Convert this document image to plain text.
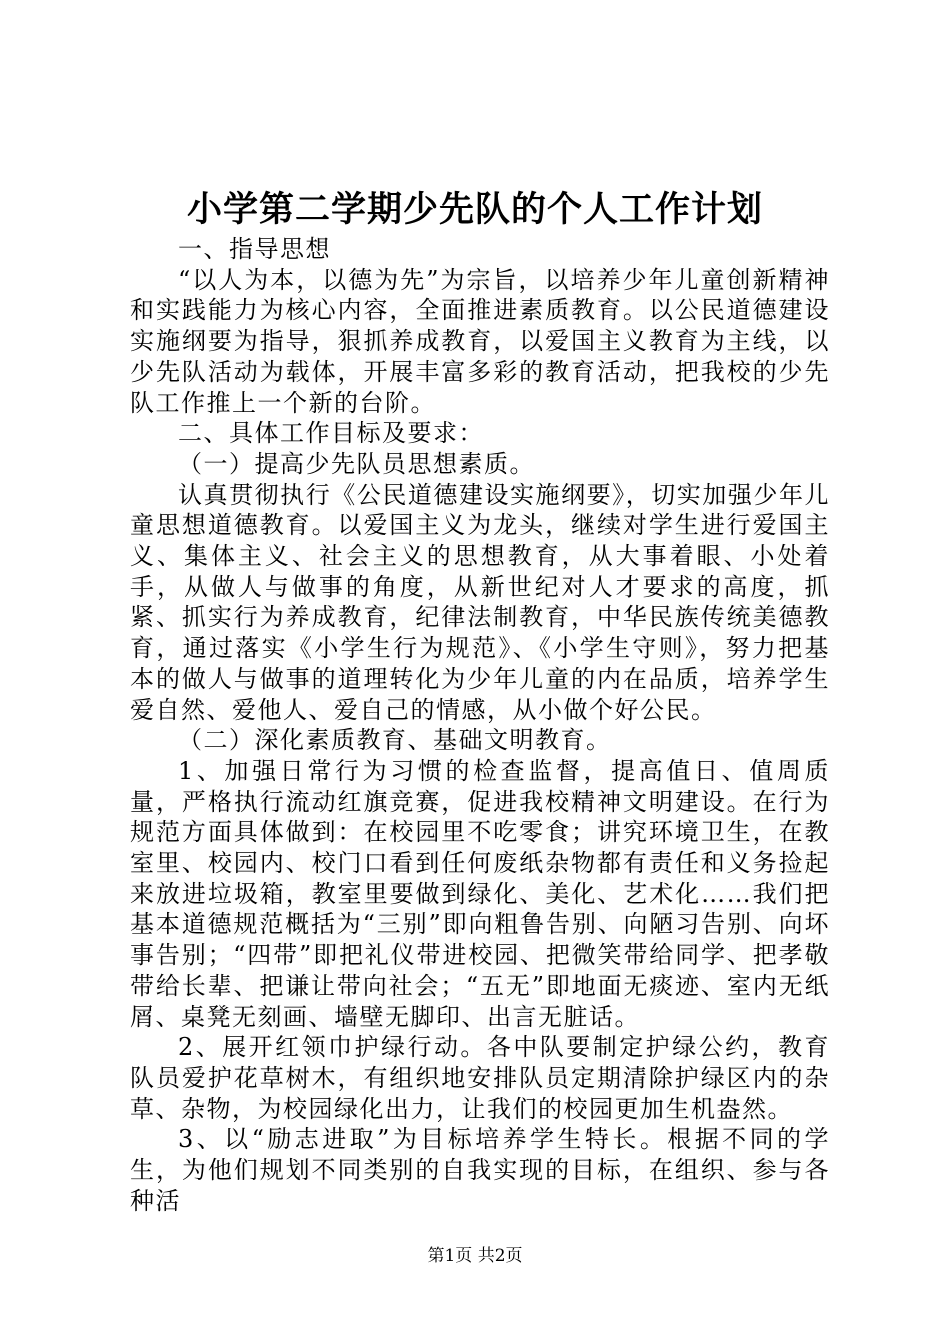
小学第二学期少先队的个人工作计划

一、指导思想

“以人为本，以德为先”为宗旨，以培养少年儿童创新精神和实践能力为核心内容，全面推进素质教育。以公民道德建设实施纲要为指导，狠抓养成教育，以爱国主义教育为主线，以少先队活动为载体，开展丰富多彩的教育活动，把我校的少先队工作推上一个新的台阶。

二、具体工作目标及要求：

（一）提高少先队员思想素质。

认真贯彻执行《公民道德建设实施纲要》，切实加强少年儿童思想道德教育。以爱国主义为龙头，继续对学生进行爱国主义、集体主义、社会主义的思想教育，从大事着眼、小处着手，从做人与做事的角度，从新世纪对人才要求的高度，抓紧、抓实行为养成教育，纪律法制教育，中华民族传统美德教育，通过落实《小学生行为规范》、《小学生守则》，努力把基本的做人与做事的道理转化为少年儿童的内在品质，培养学生爱自然、爱他人、爱自己的情感，从小做个好公民。

（二）深化素质教育、基础文明教育。

1、加强日常行为习惯的检查监督，提高值日、值周质量，严格执行流动红旗竞赛，促进我校精神文明建设。在行为规范方面具体做到：在校园里不吃零食；讲究环境卫生，在教室里、校园内、校门口看到任何废纸杂物都有责任和义务捡起来放进垃圾箱，教室里要做到绿化、美化、艺术化……我们把基本道德规范概括为“三别”即向粗鲁告别、向陋习告别、向坏事告别；“四带”即把礼仪带进校园、把微笑带给同学、把孝敬带给长辈、把谦让带向社会；“五无”即地面无痰迹、室内无纸屑、桌凳无刻画、墙壁无脚印、出言无脏话。

2、展开红领巾护绿行动。各中队要制定护绿公约，教育队员爱护花草树木，有组织地安排队员定期清除护绿区内的杂草、杂物，为校园绿化出力，让我们的校园更加生机盎然。

3、以“励志进取”为目标培养学生特长。根据不同的学生，为他们规划不同类别的自我实现的目标，在组织、参与各种活

第1页 共2页
